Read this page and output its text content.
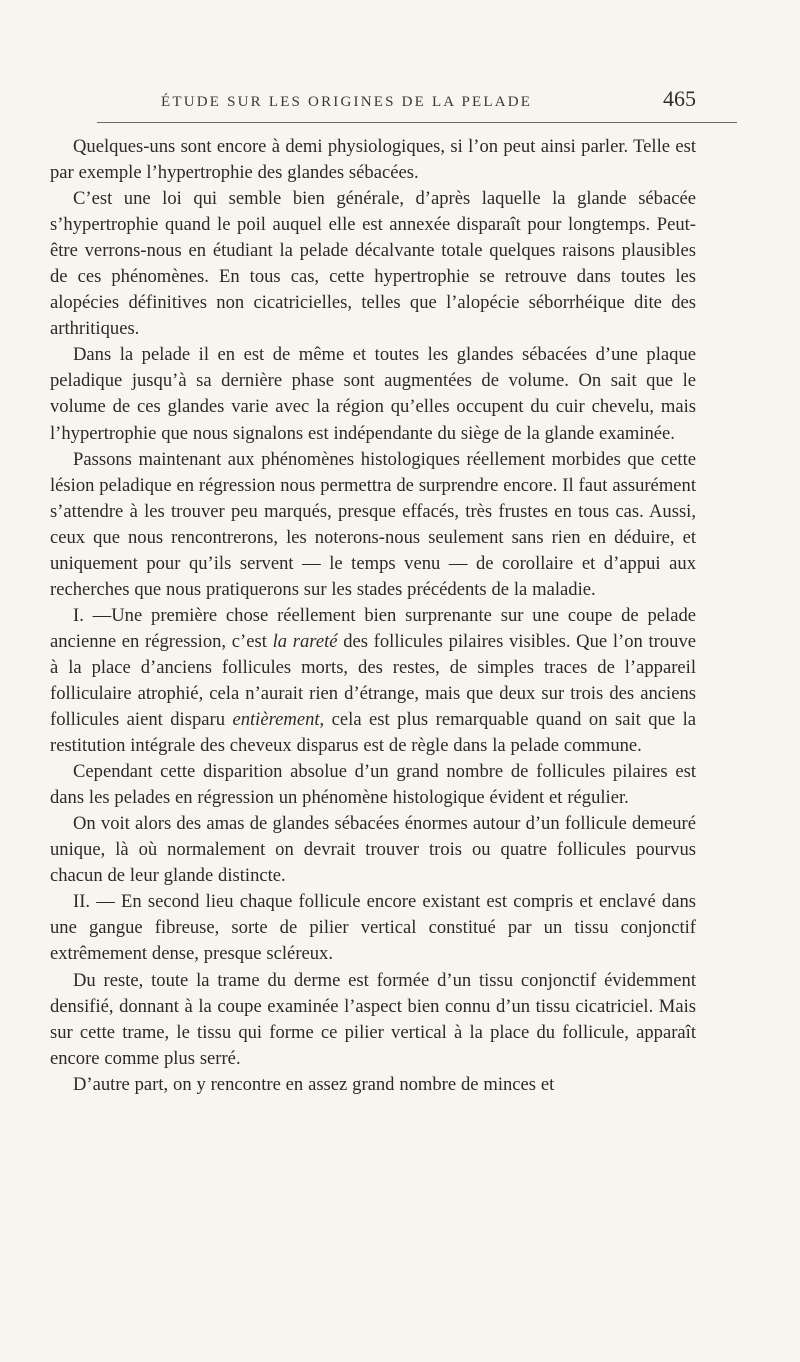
ÉTUDE SUR LES ORIGINES DE LA PELADE	465

Quelques-uns sont encore à demi physiologiques, si l’on peut ainsi parler. Telle est par exemple l’hypertrophie des glandes sébacées.

C’est une loi qui semble bien générale, d’après laquelle la glande sébacée s’hypertrophie quand le poil auquel elle est annexée disparaît pour longtemps. Peut-être verrons-nous en étudiant la pelade décalvante totale quelques raisons plausibles de ces phénomènes. En tous cas, cette hypertrophie se retrouve dans toutes les alopécies définitives non cicatricielles, telles que l’alopécie séborrhéique dite des arthritiques.

Dans la pelade il en est de même et toutes les glandes sébacées d’une plaque peladique jusqu’à sa dernière phase sont augmentées de volume. On sait que le volume de ces glandes varie avec la région qu’elles occupent du cuir chevelu, mais l’hypertrophie que nous signalons est indépendante du siège de la glande examinée.

Passons maintenant aux phénomènes histologiques réellement morbides que cette lésion peladique en régression nous permettra de surprendre encore. Il faut assurément s’attendre à les trouver peu marqués, presque effacés, très frustes en tous cas. Aussi, ceux que nous rencontrerons, les noterons-nous seulement sans rien en déduire, et uniquement pour qu’ils servent — le temps venu — de corollaire et d’appui aux recherches que nous pratiquerons sur les stades précédents de la maladie.

I. —Une première chose réellement bien surprenante sur une coupe de pelade ancienne en régression, c’est la rareté des follicules pilaires visibles. Que l’on trouve à la place d’anciens follicules morts, des restes, de simples traces de l’appareil folliculaire atrophié, cela n’aurait rien d’étrange, mais que deux sur trois des anciens follicules aient disparu entièrement, cela est plus remarquable quand on sait que la restitution intégrale des cheveux disparus est de règle dans la pelade commune.

Cependant cette disparition absolue d’un grand nombre de follicules pilaires est dans les pelades en régression un phénomène histologique évident et régulier.

On voit alors des amas de glandes sébacées énormes autour d’un follicule demeuré unique, là où normalement on devrait trouver trois ou quatre follicules pourvus chacun de leur glande distincte.

II. — En second lieu chaque follicule encore existant est compris et enclavé dans une gangue fibreuse, sorte de pilier vertical constitué par un tissu conjonctif extrêmement dense, presque scléreux.

Du reste, toute la trame du derme est formée d’un tissu conjonctif évidemment densifié, donnant à la coupe examinée l’aspect bien connu d’un tissu cicatriciel. Mais sur cette trame, le tissu qui forme ce pilier vertical à la place du follicule, apparaît encore comme plus serré.

D’autre part, on y rencontre en assez grand nombre de minces et
